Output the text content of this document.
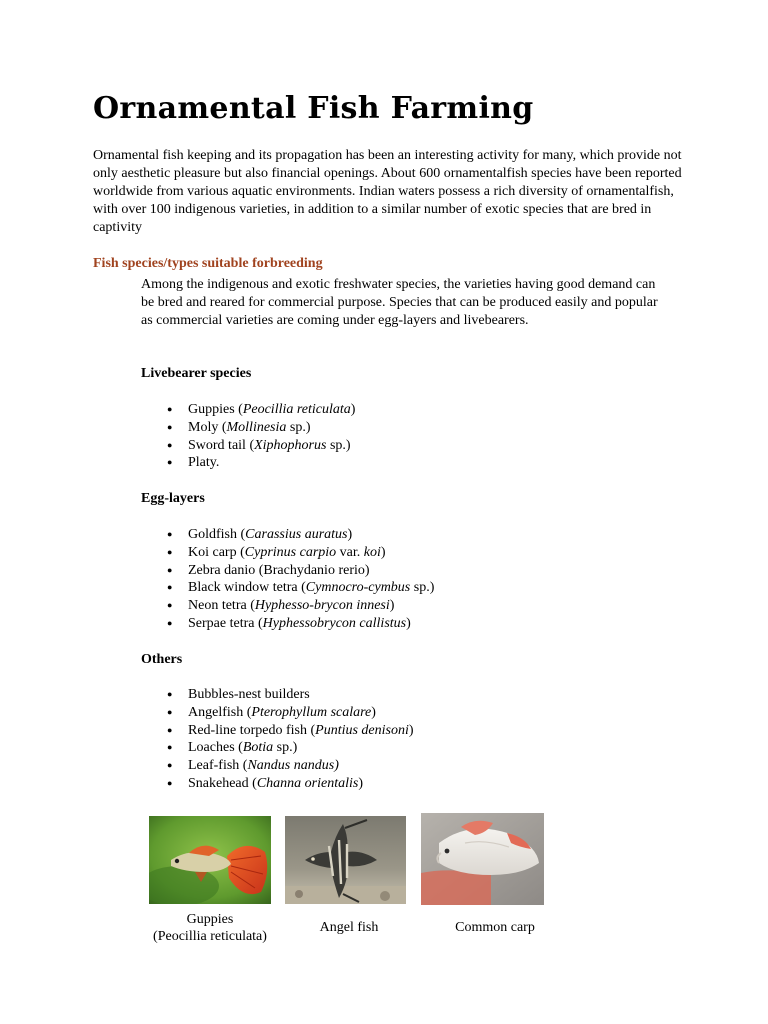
Ornamental Fish Farming

Ornamental fish keeping and its propagation has been an interesting activity for many, which provide not only aesthetic pleasure but also financial openings. About 600 ornamentalfish species have been reported worldwide from various aquatic environments. Indian waters possess a rich diversity of ornamentalfish, with over 100 indigenous varieties, in addition to a similar number of exotic species that are bred in captivity

Fish species/types suitable forbreeding

Among the indigenous and exotic freshwater species, the varieties having good demand can be bred and reared for commercial purpose. Species that can be produced easily and popular as commercial varieties are coming under egg-layers and livebearers.

Livebearer species

● Guppies (Peocillia reticulata)
● Moly (Mollinesia sp.)
● Sword tail (Xiphophorus sp.)
● Platy.

Egg-layers

● Goldfish (Carassius auratus)
● Koi carp (Cyprinus carpio var. koi)
● Zebra danio (Brachydanio rerio)
● Black window tetra (Cymnocro-cymbus sp.)
● Neon tetra (Hyphesso-brycon innesi)
● Serpae tetra (Hyphessobrycon callistus)

Others

● Bubbles-nest builders
● Angelfish (Pterophyllum scalare)
● Red-line torpedo fish (Puntius denisoni)
● Loaches (Botia sp.)
● Leaf-fish (Nandus nandus)
● Snakehead (Channa orientalis)
Guppies
(Peocillia reticulata)
Angel fish	Common carp
